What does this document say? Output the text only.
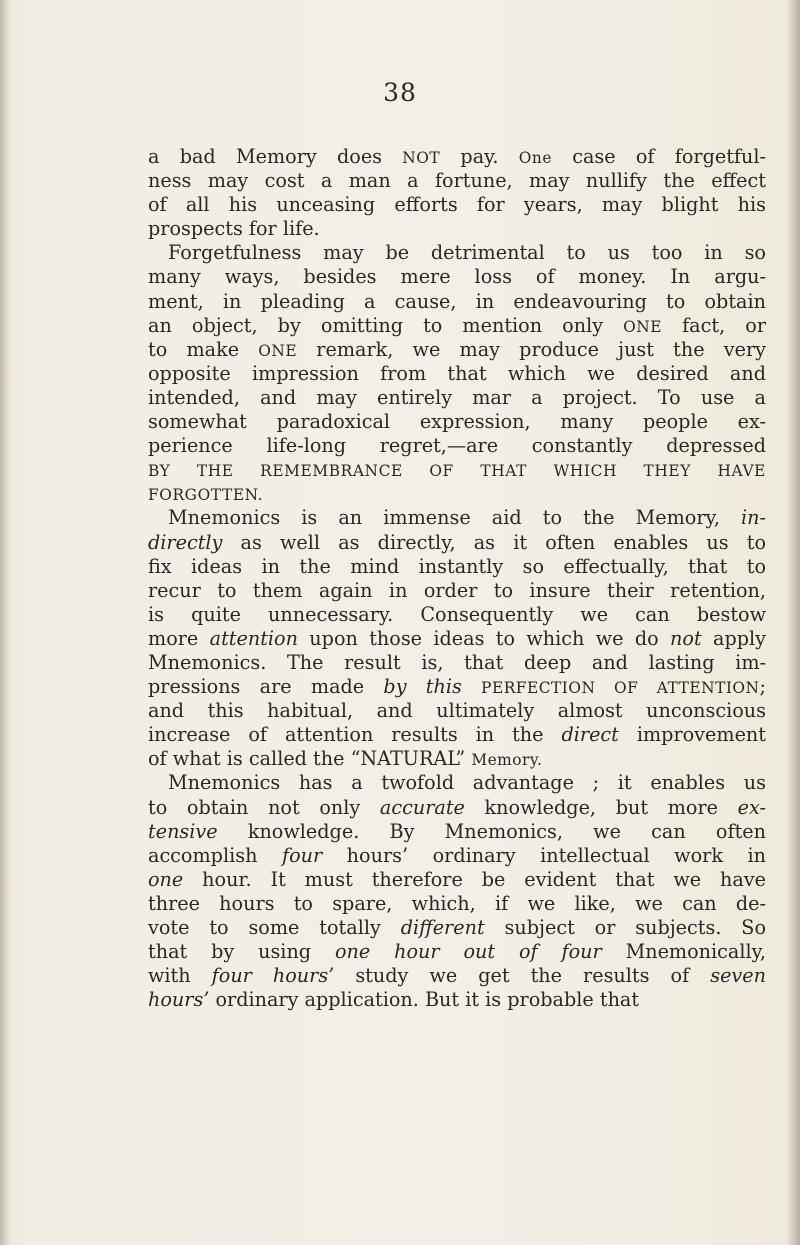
38
a bad Memory does NOT pay. One case of forgetful-
ness may cost a man a fortune, may nullify the effect
of all his unceasing efforts for years, may blight his
prospects for life.
Forgetfulness may be detrimental to us too in so
many ways, besides mere loss of money. In argu-
ment, in pleading a cause, in endeavouring to obtain
an object, by omitting to mention only ONE fact, or
to make ONE remark, we may produce just the very
opposite impression from that which we desired and
intended, and may entirely mar a project. To use a
somewhat paradoxical expression, many people ex-
perience life-long regret,—are constantly depressed
BY THE REMEMBRANCE OF THAT WHICH THEY HAVE
FORGOTTEN.
Mnemonics is an immense aid to the Memory, in-
directly as well as directly, as it often enables us to
fix ideas in the mind instantly so effectually, that to
recur to them again in order to insure their retention,
is quite unnecessary. Consequently we can bestow
more attention upon those ideas to which we do not apply
Mnemonics. The result is, that deep and lasting im-
pressions are made by this PERFECTION OF ATTENTION;
and this habitual, and ultimately almost unconscious
increase of attention results in the direct improvement
of what is called the “NATURAL” Memory.
Mnemonics has a twofold advantage ; it enables us
to obtain not only accurate knowledge, but more ex-
tensive knowledge. By Mnemonics, we can often
accomplish four hours’ ordinary intellectual work in
one hour. It must therefore be evident that we have
three hours to spare, which, if we like, we can de-
vote to some totally different subject or subjects. So
that by using one hour out of four Mnemonically,
with four hours’ study we get the results of seven
hours’ ordinary application. But it is probable that
